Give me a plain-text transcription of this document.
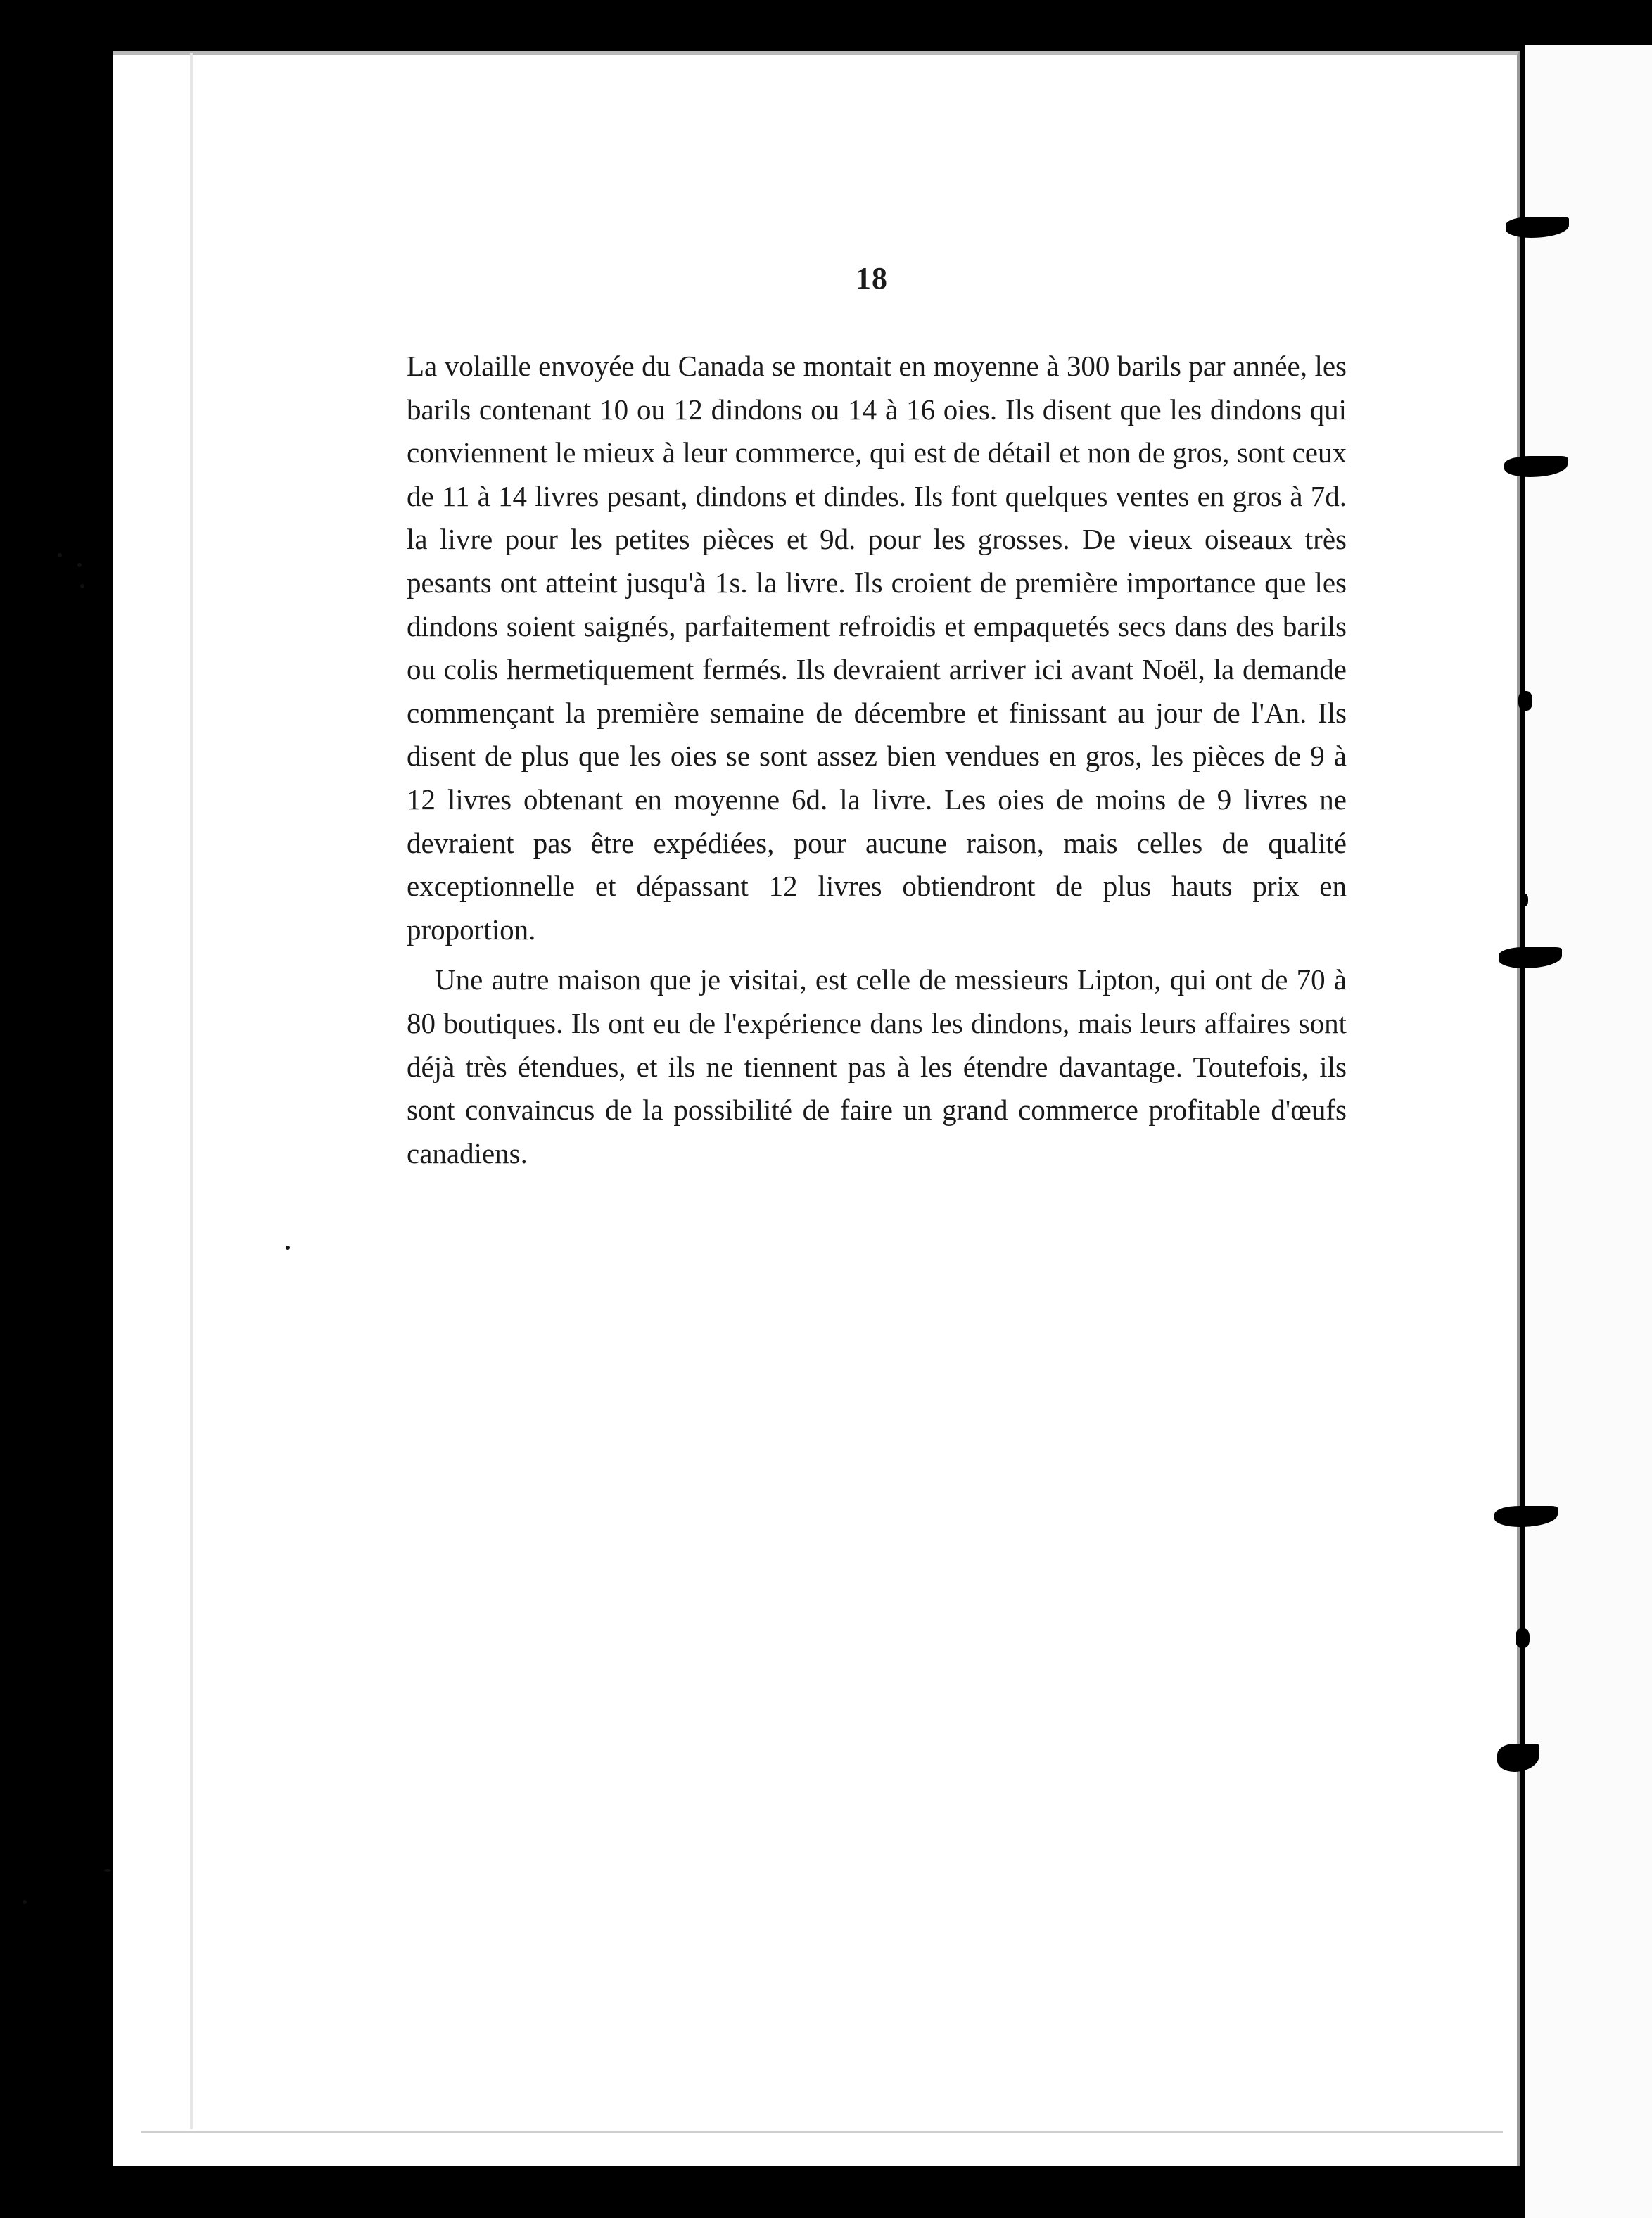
18

La volaille envoyée du Canada se montait en moyenne à 300 barils par année, les barils contenant 10 ou 12 dindons ou 14 à 16 oies. Ils disent que les dindons qui conviennent le mieux à leur commerce, qui est de détail et non de gros, sont ceux de 11 à 14 livres pesant, dindons et dindes. Ils font quelques ventes en gros à 7d. la livre pour les petites pièces et 9d. pour les grosses. De vieux oiseaux très pesants ont atteint jusqu'à 1s. la livre. Ils croient de première importance que les dindons soient saignés, parfaitement refroidis et empaquetés secs dans des barils ou colis hermetiquement fermés. Ils devraient arriver ici avant Noël, la demande commençant la première semaine de décembre et finissant au jour de l'An. Ils disent de plus que les oies se sont assez bien vendues en gros, les pièces de 9 à 12 livres obtenant en moyenne 6d. la livre. Les oies de moins de 9 livres ne devraient pas être expédiées, pour aucune raison, mais celles de qualité exceptionnelle et dépassant 12 livres obtiendront de plus hauts prix en proportion.

Une autre maison que je visitai, est celle de messieurs Lipton, qui ont de 70 à 80 boutiques. Ils ont eu de l'expérience dans les dindons, mais leurs affaires sont déjà très étendues, et ils ne tiennent pas à les étendre davantage. Toutefois, ils sont convaincus de la possibilité de faire un grand commerce profitable d'œufs canadiens.
